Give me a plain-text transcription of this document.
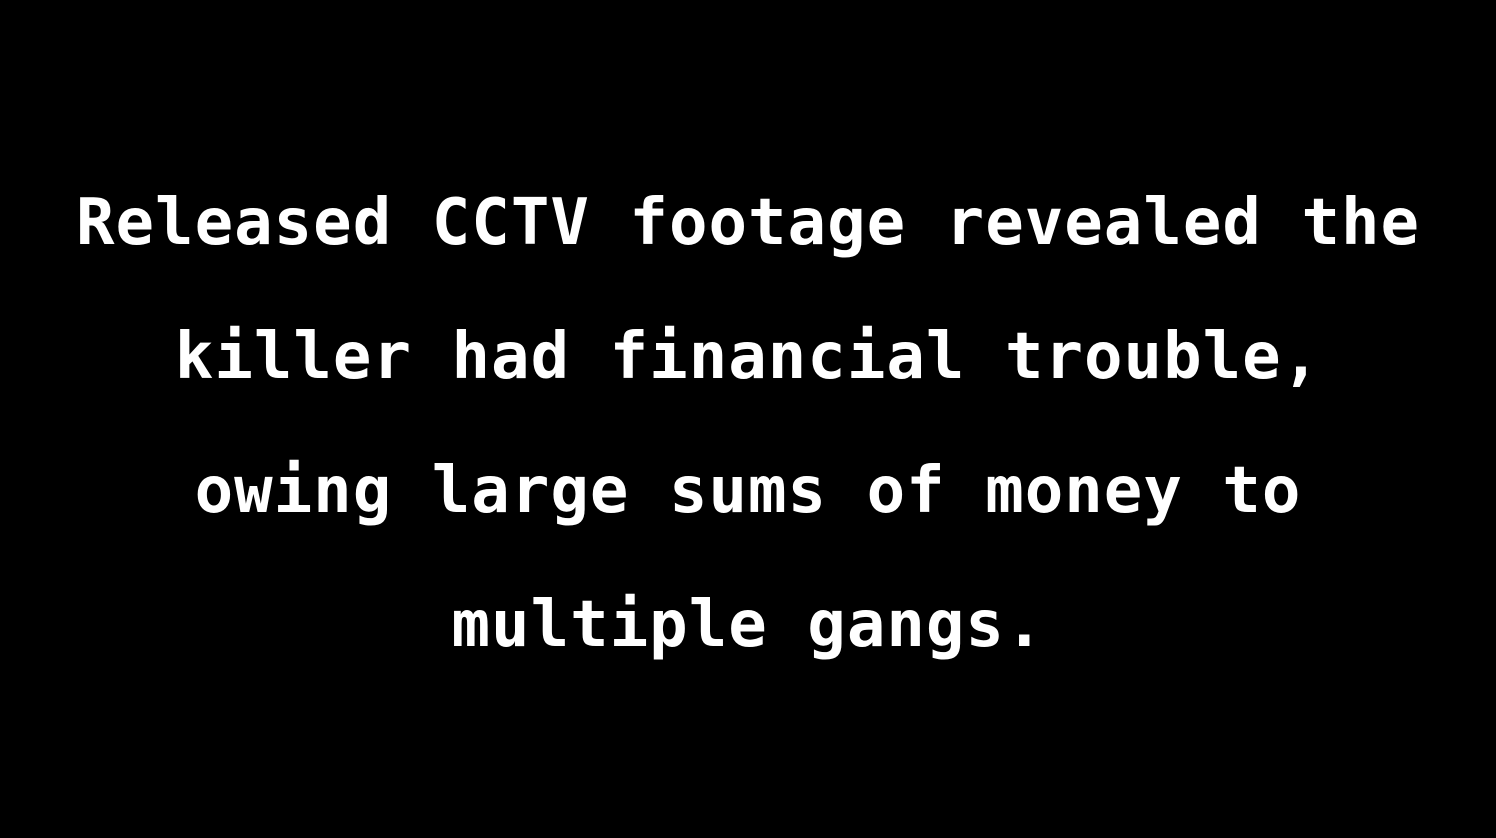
Released CCTV footage revealed the
killer had financial trouble,
owing large sums of money to
multiple gangs.
